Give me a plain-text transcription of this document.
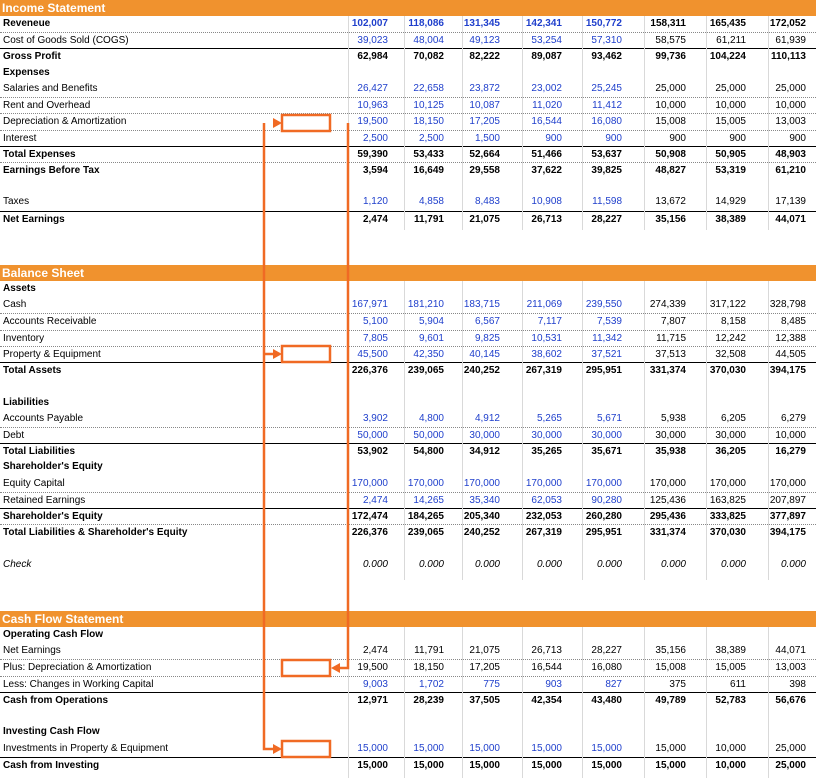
Income Statement
Reveneue	102,007	118,086	131,345	142,341	150,772	158,311	165,435	172,052
Cost of Goods Sold (COGS)	39,023	48,004	49,123	53,254	57,310	58,575	61,211	61,939
Gross Profit	62,984	70,082	82,222	89,087	93,462	99,736	104,224	110,113
Expenses
Salaries and Benefits	26,427	22,658	23,872	23,002	25,245	25,000	25,000	25,000
Rent and Overhead	10,963	10,125	10,087	11,020	11,412	10,000	10,000	10,000
Depreciation & Amortization	19,500	18,150	17,205	16,544	16,080	15,008	15,005	13,003
Interest	2,500	2,500	1,500	900	900	900	900	900
Total Expenses	59,390	53,433	52,664	51,466	53,637	50,908	50,905	48,903
Earnings Before Tax	3,594	16,649	29,558	37,622	39,825	48,827	53,319	61,210
Taxes	1,120	4,858	8,483	10,908	11,598	13,672	14,929	17,139
Net Earnings	2,474	11,791	21,075	26,713	28,227	35,156	38,389	44,071
Balance Sheet
Assets
Cash	167,971	181,210	183,715	211,069	239,550	274,339	317,122	328,798
Accounts Receivable	5,100	5,904	6,567	7,117	7,539	7,807	8,158	8,485
Inventory	7,805	9,601	9,825	10,531	11,342	11,715	12,242	12,388
Property & Equipment	45,500	42,350	40,145	38,602	37,521	37,513	32,508	44,505
Total Assets	226,376	239,065	240,252	267,319	295,951	331,374	370,030	394,175
Liabilities
Accounts Payable	3,902	4,800	4,912	5,265	5,671	5,938	6,205	6,279
Debt	50,000	50,000	30,000	30,000	30,000	30,000	30,000	10,000
Total Liabilities	53,902	54,800	34,912	35,265	35,671	35,938	36,205	16,279
Shareholder's Equity
Equity Capital	170,000	170,000	170,000	170,000	170,000	170,000	170,000	170,000
Retained Earnings	2,474	14,265	35,340	62,053	90,280	125,436	163,825	207,897
Shareholder's Equity	172,474	184,265	205,340	232,053	260,280	295,436	333,825	377,897
Total Liabilities & Shareholder's Equity	226,376	239,065	240,252	267,319	295,951	331,374	370,030	394,175
Check	0.000	0.000	0.000	0.000	0.000	0.000	0.000	0.000
Cash Flow Statement
Operating Cash Flow
Net Earnings	2,474	11,791	21,075	26,713	28,227	35,156	38,389	44,071
Plus: Depreciation & Amortization	19,500	18,150	17,205	16,544	16,080	15,008	15,005	13,003
Less: Changes in Working Capital	9,003	1,702	775	903	827	375	611	398
Cash from Operations	12,971	28,239	37,505	42,354	43,480	49,789	52,783	56,676
Investing Cash Flow
Investments in Property & Equipment	15,000	15,000	15,000	15,000	15,000	15,000	10,000	25,000
Cash from Investing	15,000	15,000	15,000	15,000	15,000	15,000	10,000	25,000
